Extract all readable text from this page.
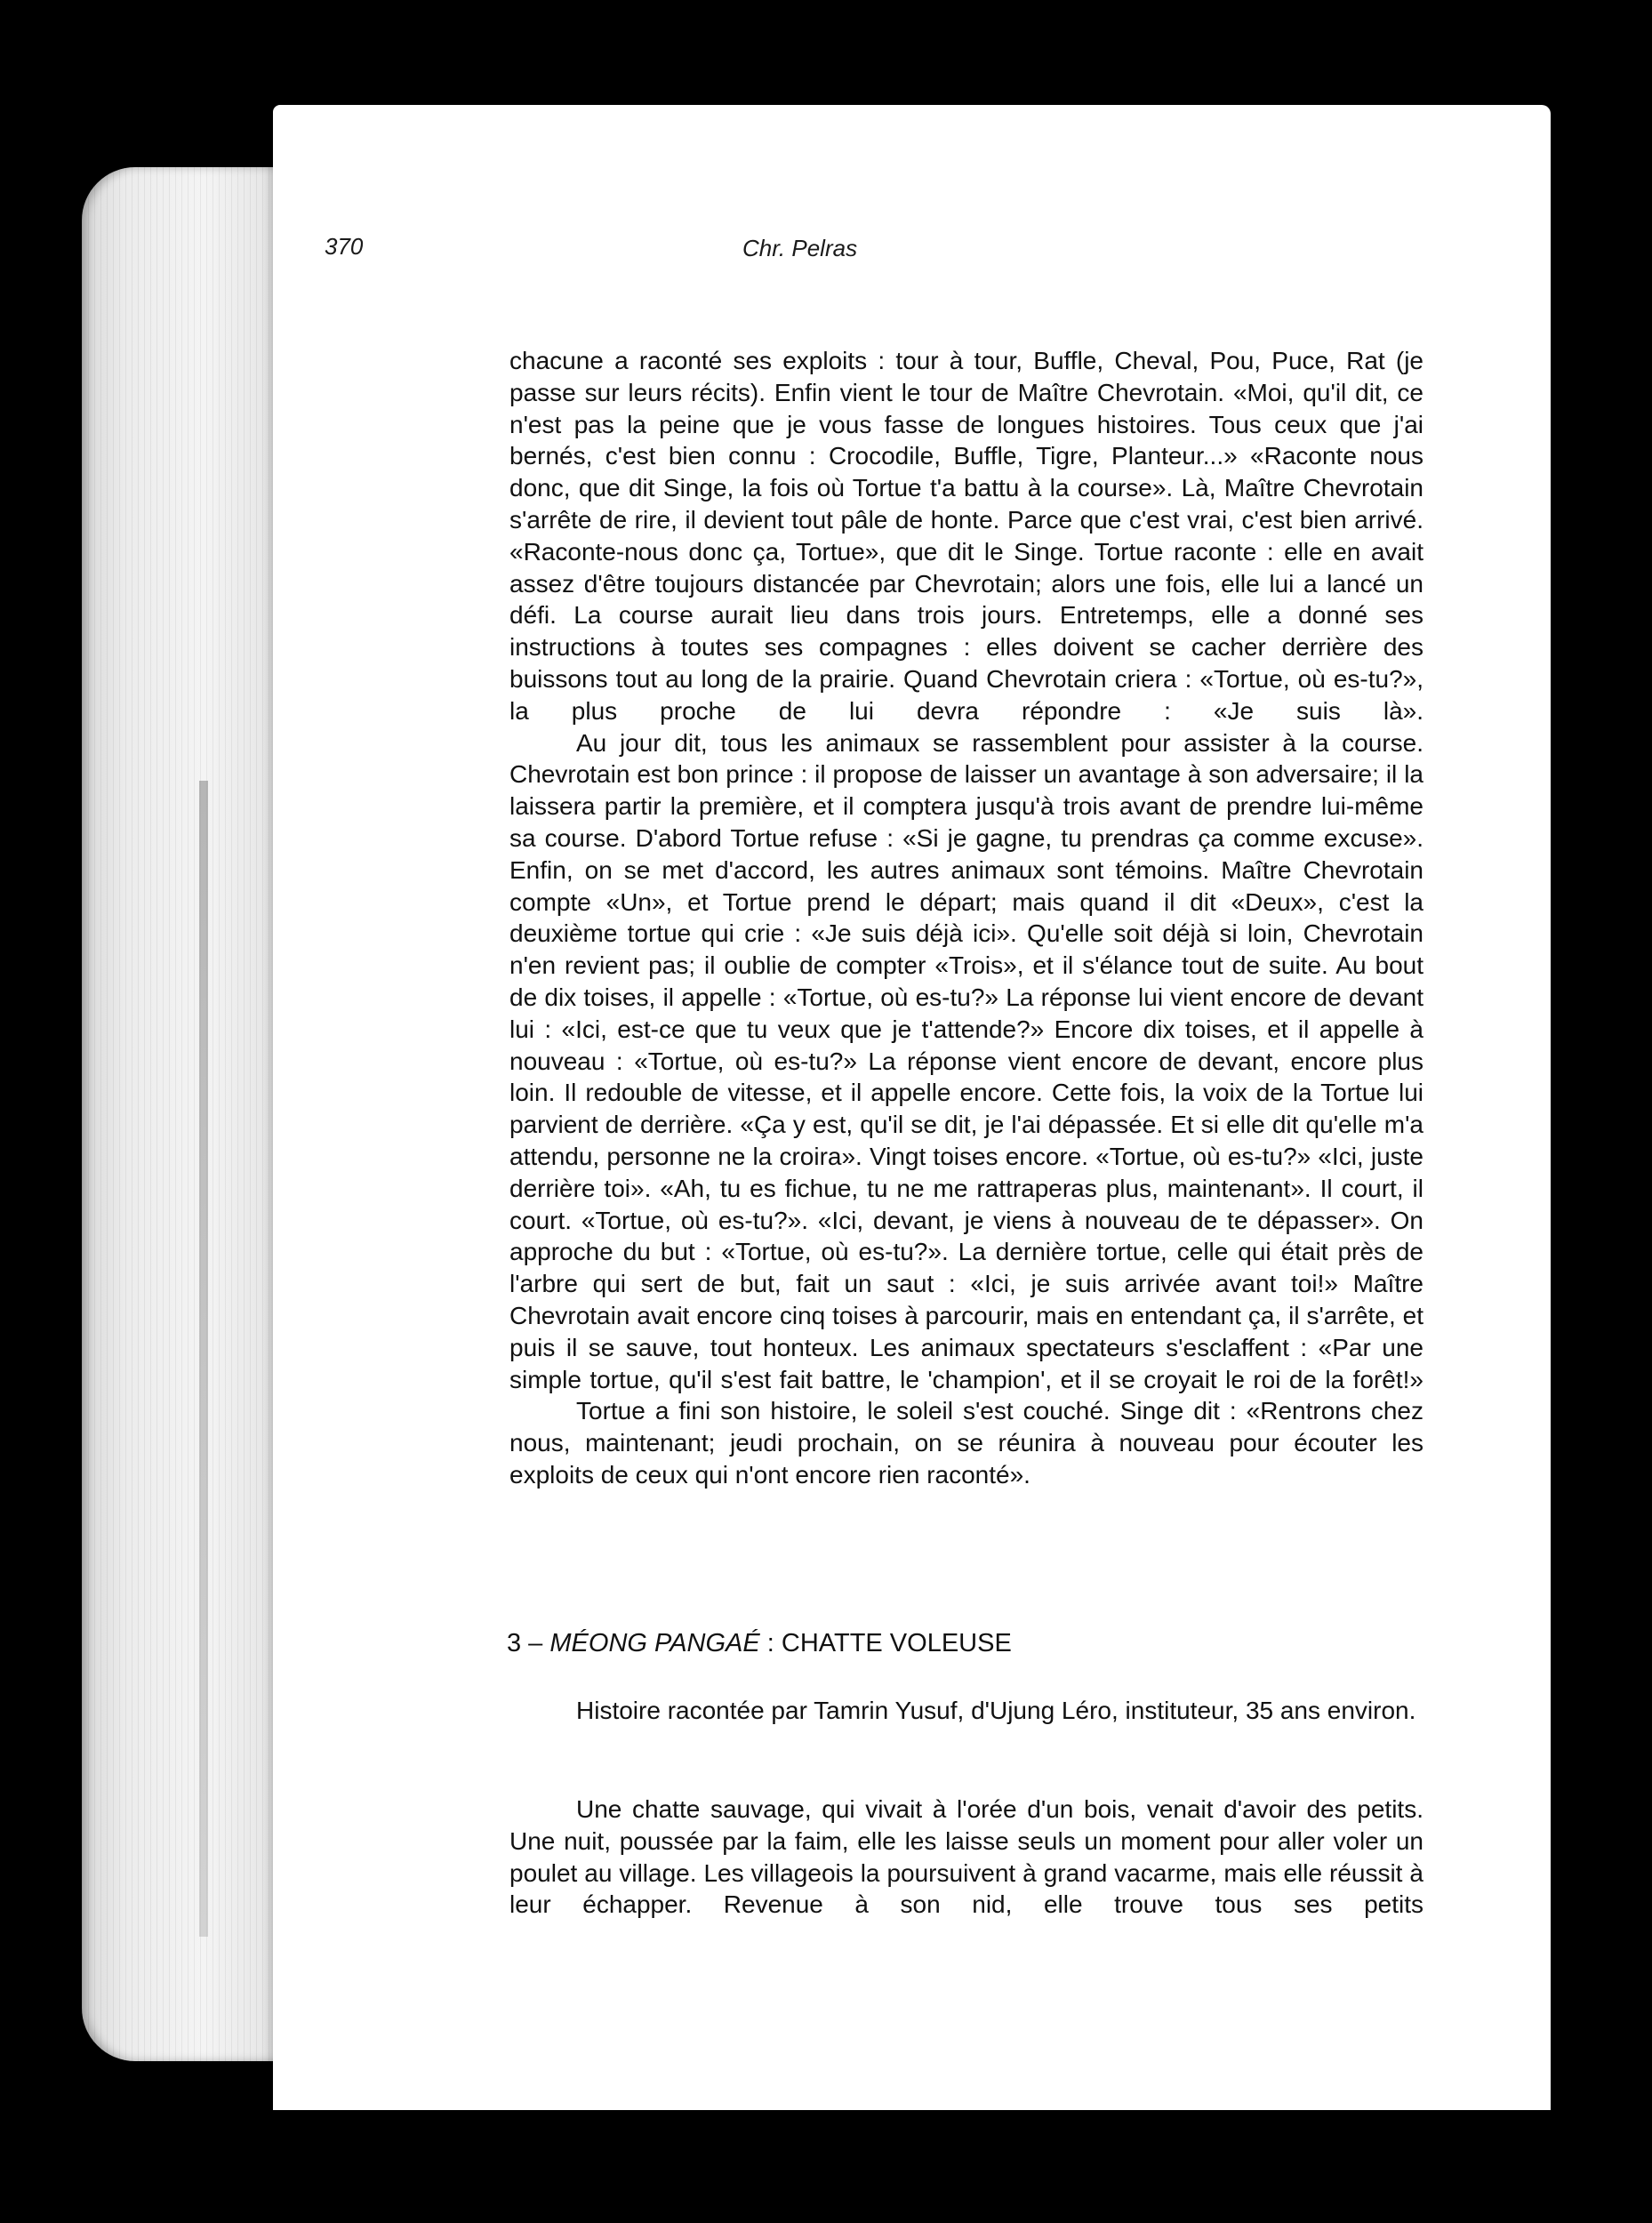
370	Chr. Pelras

chacune a raconté ses exploits : tour à tour, Buffle, Cheval, Pou, Puce, Rat (je passe sur leurs récits). Enfin vient le tour de Maître Chevrotain. «Moi, qu'il dit, ce n'est pas la peine que je vous fasse de longues histoires. Tous ceux que j'ai bernés, c'est bien connu : Crocodile, Buffle, Tigre, Planteur...» «Raconte nous donc, que dit Singe, la fois où Tortue t'a battu à la course». Là, Maître Chevrotain s'arrête de rire, il devient tout pâle de honte. Parce que c'est vrai, c'est bien arrivé. «Raconte-nous donc ça, Tortue», que dit le Singe. Tortue raconte : elle en avait assez d'être toujours distancée par Chevrotain; alors une fois, elle lui a lancé un défi. La course aurait lieu dans trois jours. Entretemps, elle a donné ses instructions à toutes ses compagnes : elles doivent se cacher derrière des buissons tout au long de la prairie. Quand Chevrotain criera : «Tortue, où es-tu?», la plus proche de lui devra répondre : «Je suis là».

Au jour dit, tous les animaux se rassemblent pour assister à la course. Chevrotain est bon prince : il propose de laisser un avantage à son adversaire; il la laissera partir la première, et il comptera jusqu'à trois avant de prendre lui-même sa course. D'abord Tortue refuse : «Si je gagne, tu prendras ça comme excuse». Enfin, on se met d'accord, les autres animaux sont témoins. Maître Chevrotain compte «Un», et Tortue prend le départ; mais quand il dit «Deux», c'est la deuxième tortue qui crie : «Je suis déjà ici». Qu'elle soit déjà si loin, Chevrotain n'en revient pas; il oublie de compter «Trois», et il s'élance tout de suite. Au bout de dix toises, il appelle : «Tortue, où es-tu?» La réponse lui vient encore de devant lui : «Ici, est-ce que tu veux que je t'attende?» Encore dix toises, et il appelle à nouveau : «Tortue, où es-tu?» La réponse vient encore de devant, encore plus loin. Il redouble de vitesse, et il appelle encore. Cette fois, la voix de la Tortue lui parvient de derrière. «Ça y est, qu'il se dit, je l'ai dépassée. Et si elle dit qu'elle m'a attendu, personne ne la croira». Vingt toises encore. «Tortue, où es-tu?» «Ici, juste derrière toi». «Ah, tu es fichue, tu ne me rattraperas plus, maintenant». Il court, il court. «Tortue, où es-tu?». «Ici, devant, je viens à nouveau de te dépasser». On approche du but : «Tortue, où es-tu?». La dernière tortue, celle qui était près de l'arbre qui sert de but, fait un saut : «Ici, je suis arrivée avant toi!» Maître Chevrotain avait encore cinq toises à parcourir, mais en entendant ça, il s'arrête, et puis il se sauve, tout honteux. Les animaux spectateurs s'esclaffent : «Par une simple tortue, qu'il s'est fait battre, le 'champion', et il se croyait le roi de la forêt!»

Tortue a fini son histoire, le soleil s'est couché. Singe dit : «Rentrons chez nous, maintenant; jeudi prochain, on se réunira à nouveau pour écouter les exploits de ceux qui n'ont encore rien raconté».

3 – MÉONG PANGAÉ : CHATTE VOLEUSE
Histoire racontée par Tamrin Yusuf, d'Ujung Léro, instituteur, 35 ans environ.
Une chatte sauvage, qui vivait à l'orée d'un bois, venait d'avoir des petits. Une nuit, poussée par la faim, elle les laisse seuls un moment pour aller voler un poulet au village. Les villageois la poursuivent à grand vacarme, mais elle réussit à leur échapper. Revenue à son nid, elle trouve tous ses petits
